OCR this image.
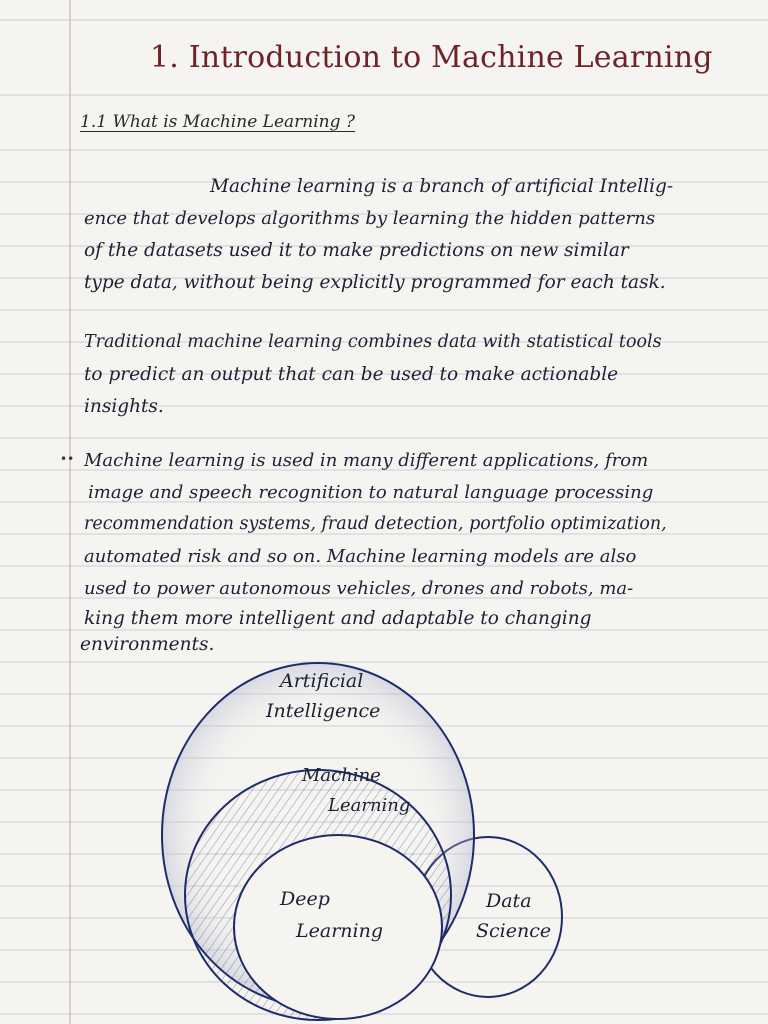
1. Introduction to Machine Learning
1.1 What is Machine Learning ?
Machine learning is a branch of artificial Intellig-
ence that develops algorithms by learning the hidden patterns
of the datasets used it to make predictions on new similar
type data, without being explicitly programmed for each task.
Traditional machine learning combines data with statistical tools
to predict an output that can be used to make actionable
insights.
•• Machine learning is used in many different applications, from
image and speech recognition to natural language processing
recommendation systems, fraud detection, portfolio optimization,
automated risk and so on. Machine learning models are also
used to power autonomous vehicles, drones and robots, ma-
king them more intelligent and adaptable to changing
environments.
Artificial
Intelligence
Machine
Learning
Deep
Learning
Data
Science
